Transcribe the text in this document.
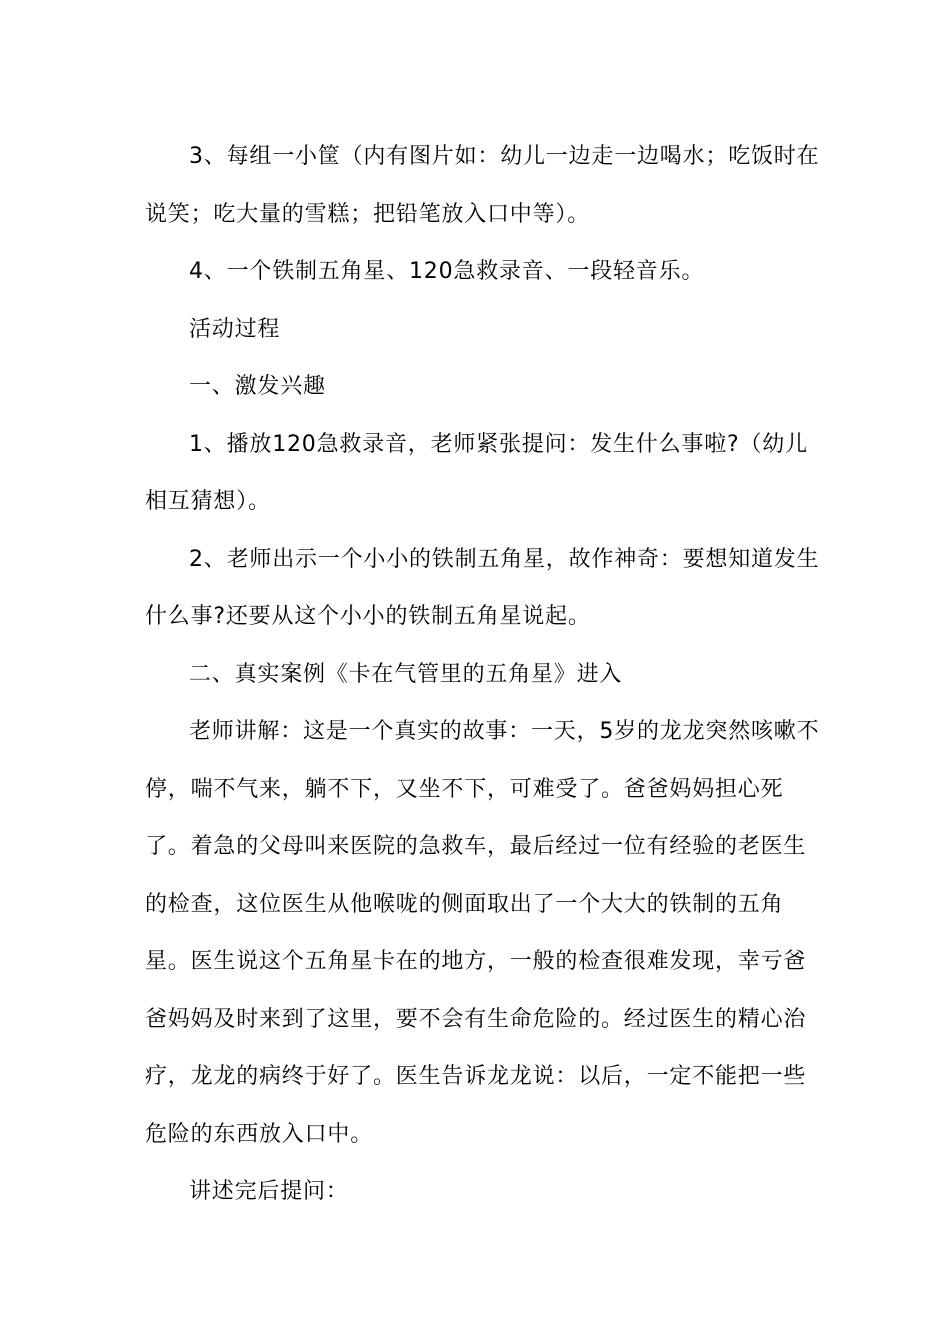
3、每组一小筐（内有图片如：幼儿一边走一边喝水；吃饭时在说笑；吃大量的雪糕；把铅笔放入口中等）。

4、一个铁制五角星、120急救录音、一段轻音乐。

活动过程

一、激发兴趣

1、播放120急救录音，老师紧张提问：发生什么事啦?（幼儿相互猜想）。

2、老师出示一个小小的铁制五角星，故作神奇：要想知道发生什么事?还要从这个小小的铁制五角星说起。

二、真实案例《卡在气管里的五角星》进入

老师讲解：这是一个真实的故事：一天，5岁的龙龙突然咳嗽不停，喘不气来，躺不下，又坐不下，可难受了。爸爸妈妈担心死了。着急的父母叫来医院的急救车，最后经过一位有经验的老医生的检查，这位医生从他喉咙的侧面取出了一个大大的铁制的五角星。医生说这个五角星卡在的地方，一般的检查很难发现，幸亏爸爸妈妈及时来到了这里，要不会有生命危险的。经过医生的精心治疗，龙龙的病终于好了。医生告诉龙龙说：以后，一定不能把一些危险的东西放入口中。

讲述完后提问：
